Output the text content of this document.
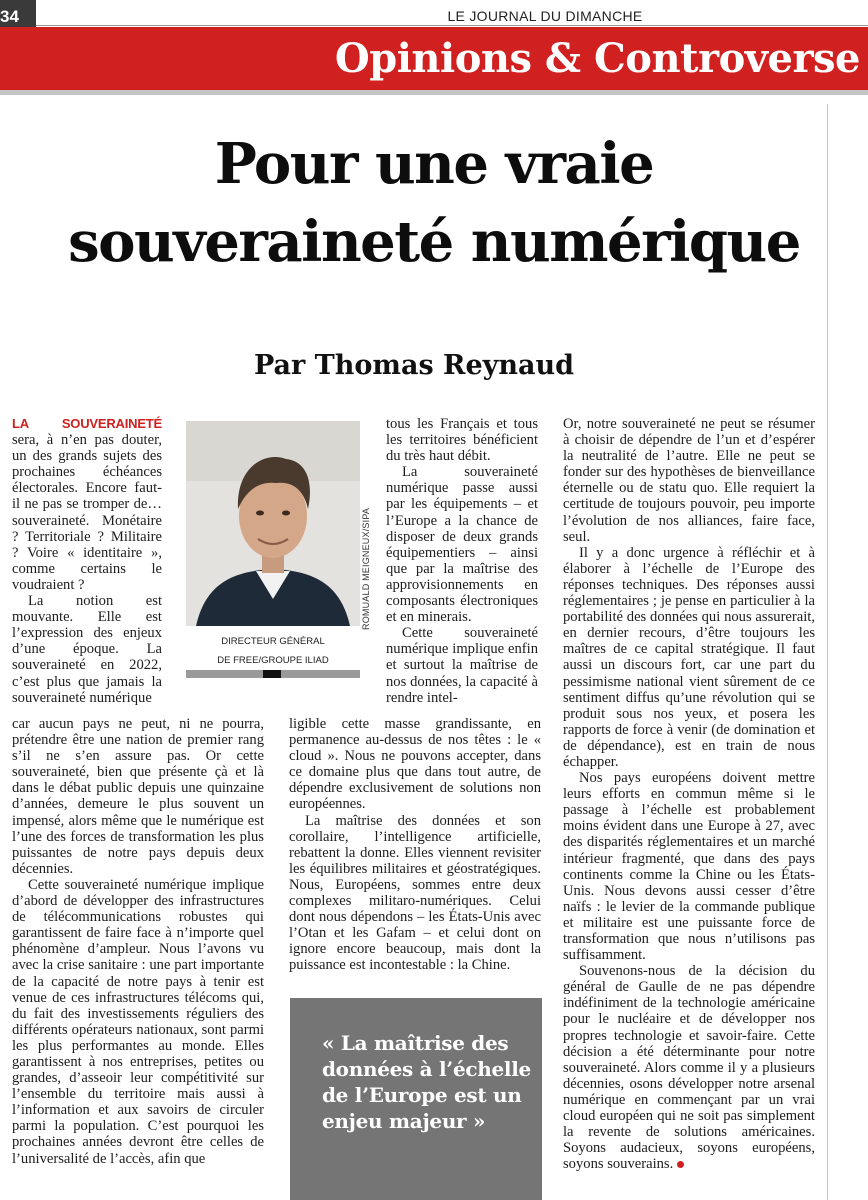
34	LE JOURNAL DU DIMANCHE
Opinions & Controverse
Pour une vraie
souveraineté numérique
Par Thomas Reynaud

LA SOUVERAINETÉ sera, à n’en pas douter, un des grands sujets des prochaines échéances électorales. Encore faut-il ne pas se tromper de… souveraineté. Monétaire ? Territoriale ? Militaire ? Voire « identitaire », comme certains le voudraient ?

La notion est mouvante. Elle est l’expression des enjeux d’une époque. La souveraineté en 2022, c’est plus que jamais la souveraineté numérique

ROMUALD MEIGNEUX/SIPA
DIRECTEUR GÉNÉRAL
DE FREE/GROUPE ILIAD

tous les Français et tous les territoires bénéficient du très haut débit.

La souveraineté numérique passe aussi par les équipements – et l’Europe a la chance de disposer de deux grands équipementiers – ainsi que par la maîtrise des approvisionnements en composants électroniques et en minerais.

Cette souveraineté numérique implique enfin et surtout la maîtrise de nos données, la capacité à rendre intel-

car aucun pays ne peut, ni ne pourra, prétendre être une nation de premier rang s’il ne s’en assure pas. Or cette souveraineté, bien que présente çà et là dans le débat public depuis une quinzaine d’années, demeure le plus souvent un impensé, alors même que le numérique est l’une des forces de transformation les plus puissantes de notre pays depuis deux décennies.

Cette souveraineté numérique implique d’abord de développer des infrastructures de télécommunications robustes qui garantissent de faire face à n’importe quel phénomène d’ampleur. Nous l’avons vu avec la crise sanitaire : une part importante de la capacité de notre pays à tenir est venue de ces infrastructures télécoms qui, du fait des investissements réguliers des différents opérateurs nationaux, sont parmi les plus performantes au monde. Elles garantissent à nos entreprises, petites ou grandes, d’asseoir leur compétitivité sur l’ensemble du territoire mais aussi à l’information et aux savoirs de circuler parmi la population. C’est pourquoi les prochaines années devront être celles de l’universalité de l’accès, afin que

ligible cette masse grandissante, en permanence au-dessus de nos têtes : le « cloud ». Nous ne pouvons accepter, dans ce domaine plus que dans tout autre, de dépendre exclusivement de solutions non européennes.

La maîtrise des données et son corollaire, l’intelligence artificielle, rebattent la donne. Elles viennent revisiter les équilibres militaires et géostratégiques. Nous, Européens, sommes entre deux complexes militaro-numériques. Celui dont nous dépendons – les États-Unis avec l’Otan et les Gafam – et celui dont on ignore encore beaucoup, mais dont la puissance est incontestable : la Chine.

« La maîtrise des données à l’échelle de l’Europe est un enjeu majeur »

Or, notre souveraineté ne peut se résumer à choisir de dépendre de l’un et d’espérer la neutralité de l’autre. Elle ne peut se fonder sur des hypothèses de bienveillance éternelle ou de statu quo. Elle requiert la certitude de toujours pouvoir, peu importe l’évolution de nos alliances, faire face, seul.

Il y a donc urgence à réfléchir et à élaborer à l’échelle de l’Europe des réponses techniques. Des réponses aussi réglementaires ; je pense en particulier à la portabilité des données qui nous assurerait, en dernier recours, d’être toujours les maîtres de ce capital stratégique. Il faut aussi un discours fort, car une part du pessimisme national vient sûrement de ce sentiment diffus qu’une révolution qui se produit sous nos yeux, et posera les rapports de force à venir (de domination et de dépendance), est en train de nous échapper.

Nos pays européens doivent mettre leurs efforts en commun même si le passage à l’échelle est probablement moins évident dans une Europe à 27, avec des disparités réglementaires et un marché intérieur fragmenté, que dans des pays continents comme la Chine ou les États-Unis. Nous devons aussi cesser d’être naïfs : le levier de la commande publique et militaire est une puissante force de transformation que nous n’utilisons pas suffisamment.

Souvenons-nous de la décision du général de Gaulle de ne pas dépendre indéfiniment de la technologie américaine pour le nucléaire et de développer nos propres technologie et savoir-faire. Cette décision a été déterminante pour notre souveraineté. Alors comme il y a plusieurs décennies, osons développer notre arsenal numérique en commençant par un vrai cloud européen qui ne soit pas simplement la revente de solutions américaines. Soyons audacieux, soyons européens, soyons souverains.
